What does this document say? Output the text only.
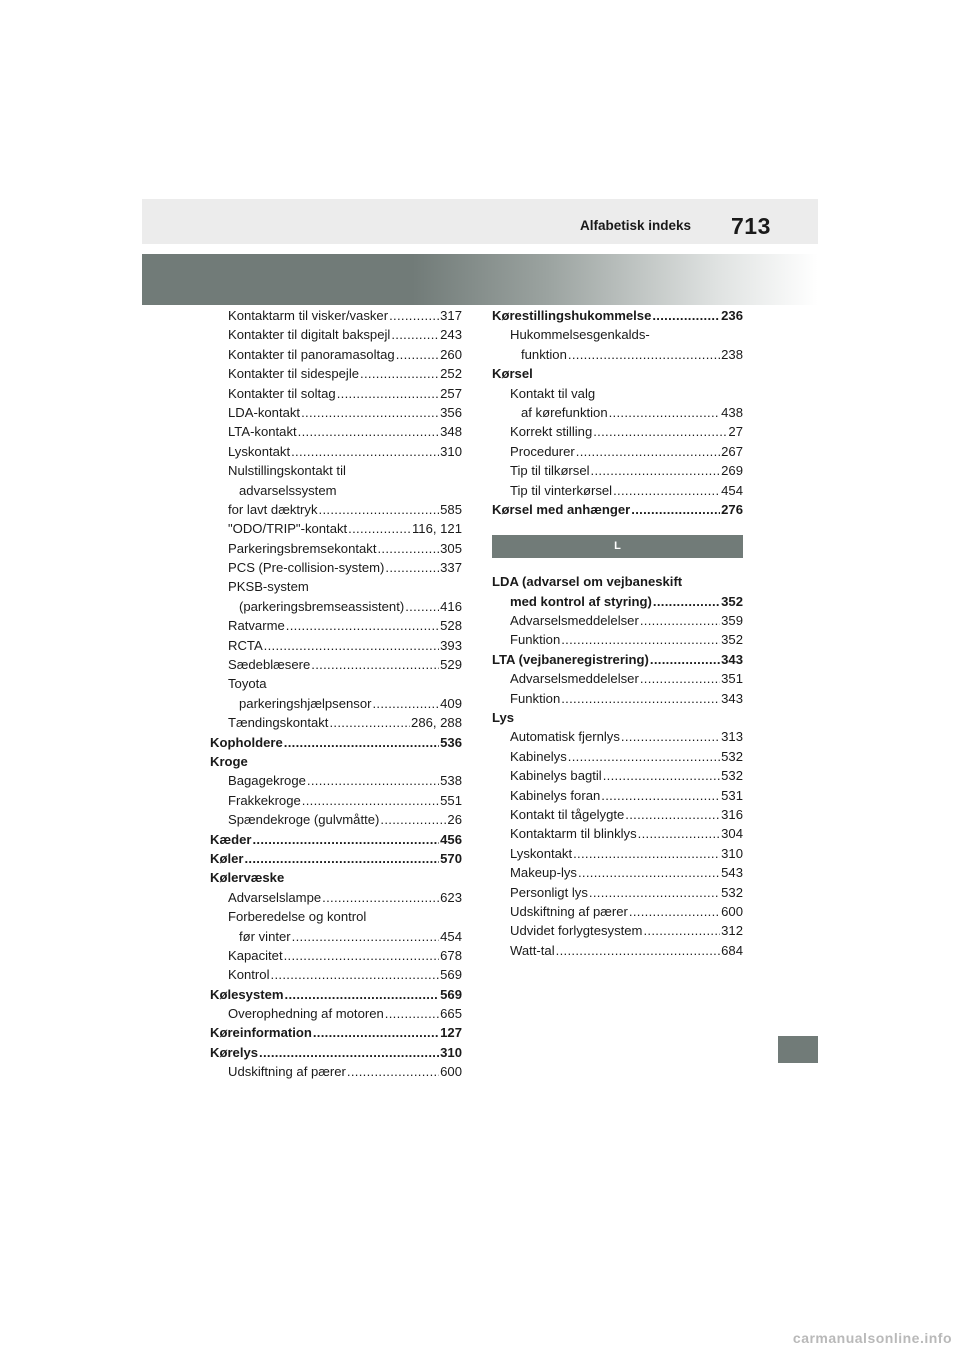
Alfabetisk indeks 713
Kontaktarm til visker/vasker .....	317
Kontakter til digitalt bakspejl .....	243
Kontakter til panoramasoltag .....	260
Kontakter til sidespejle .....	252
Kontakter til soltag .....	257
LDA-kontakt .....	356
LTA-kontakt .....	348
Lyskontakt .....	310
Nulstillingskontakt til
advarselssystem
for lavt dæktryk .....	585
"ODO/TRIP"-kontakt .....	116, 121
Parkeringsbremsekontakt .....	305
PCS (Pre-collision-system) .....	337
PKSB-system
(parkeringsbremseassistent) .....	416
Ratvarme .....	528
RCTA .....	393
Sædeblæsere .....	529
Toyota
parkeringshjælpsensor .....	409
Tændingskontakt .....	286, 288
Kopholdere .....	536
Kroge
Bagagekroge .....	538
Frakkekroge .....	551
Spændekroge (gulvmåtte) .....	26
Kæder .....	456
Køler .....	570
Kølervæske
Advarselslampe .....	623
Forberedelse og kontrol
før vinter .....	454
Kapacitet .....	678
Kontrol .....	569
Kølesystem .....	569
Overophedning af motoren .....	665
Køreinformation .....	127
Kørelys .....	310
Udskiftning af pærer .....	600
Kørestillingshukommelse .....	236
Hukommelsesgenkalds-
funktion .....	238
Kørsel
Kontakt til valg
af kørefunktion .....	438
Korrekt stilling .....	27
Procedurer .....	267
Tip til tilkørsel .....	269
Tip til vinterkørsel .....	454
Kørsel med anhænger .....	276
L
LDA (advarsel om vejbaneskift
med kontrol af styring) .....	352
Advarselsmeddelelser .....	359
Funktion .....	352
LTA (vejbaneregistrering) .....	343
Advarselsmeddelelser .....	351
Funktion .....	343
Lys
Automatisk fjernlys .....	313
Kabinelys .....	532
Kabinelys bagtil .....	532
Kabinelys foran .....	531
Kontakt til tågelygte .....	316
Kontaktarm til blinklys .....	304
Lyskontakt .....	310
Makeup-lys .....	543
Personligt lys .....	532
Udskiftning af pærer .....	600
Udvidet forlygtesystem .....	312
Watt-tal .....	684
carmanualsonline.info
